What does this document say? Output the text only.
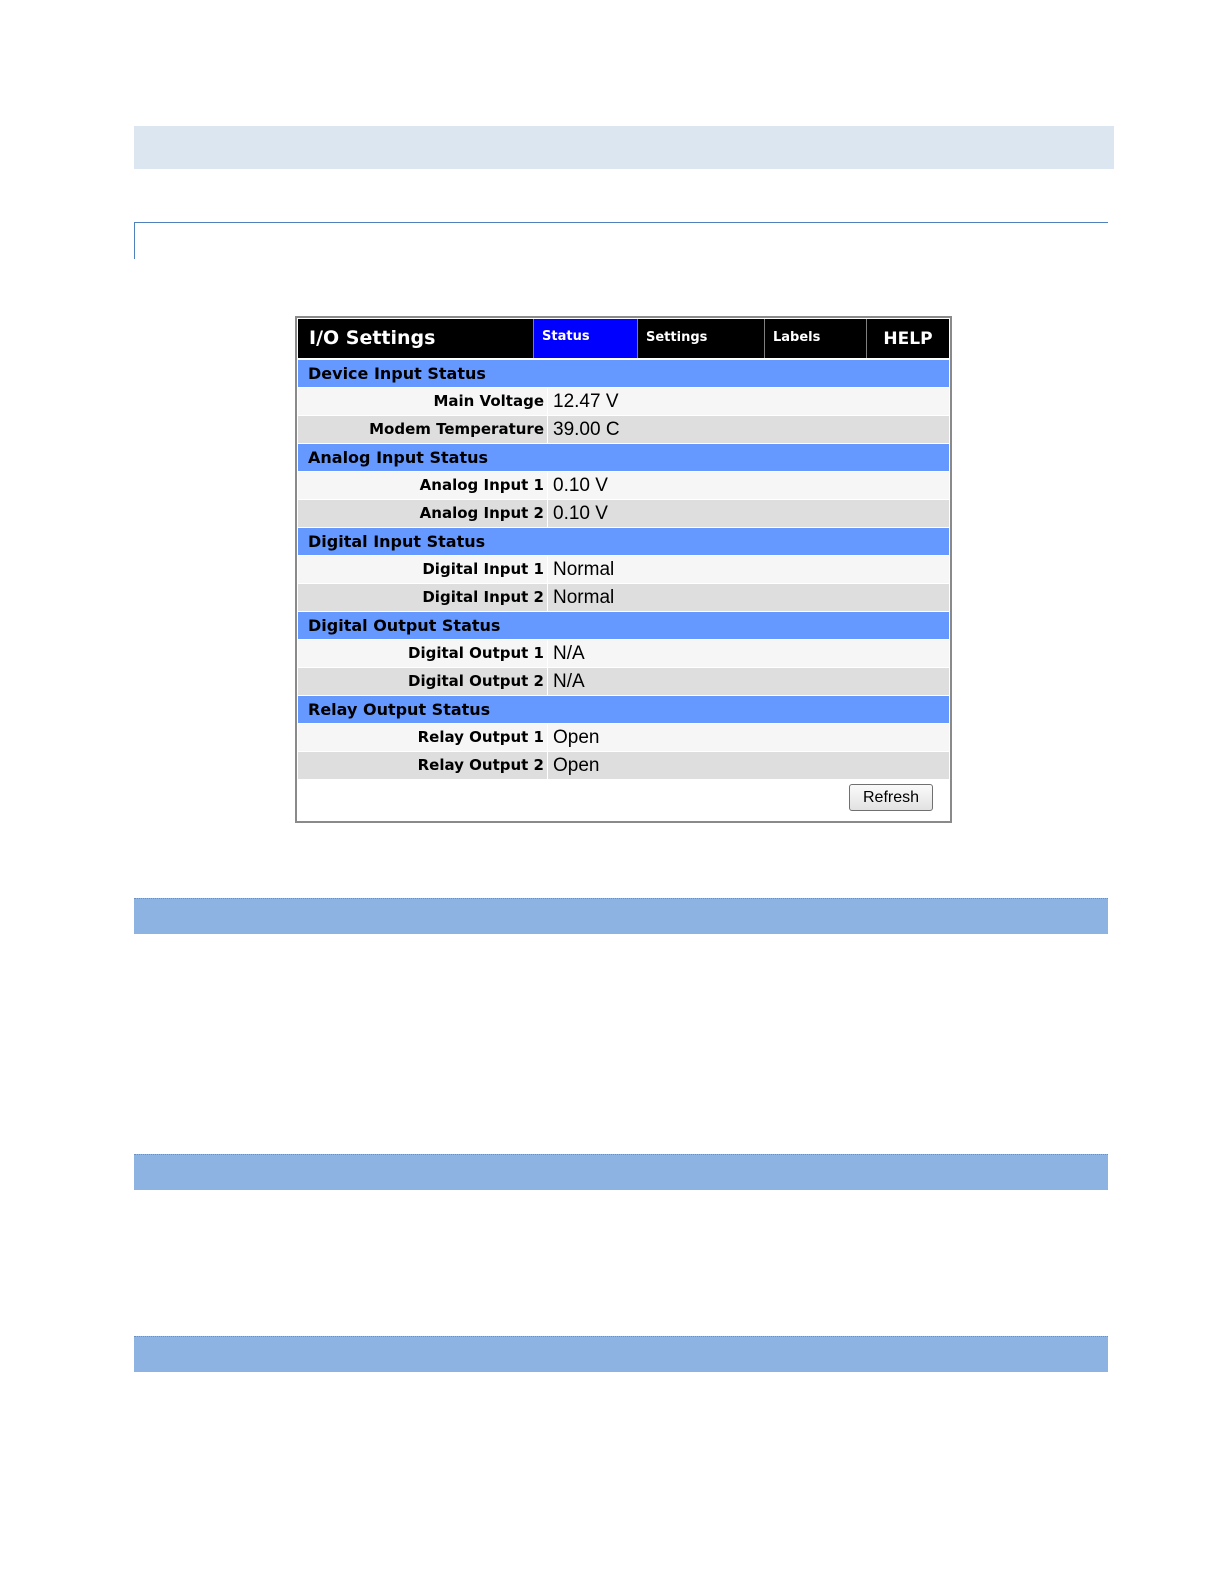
I/O Settings	Status	Settings	Labels	HELP
Device Input Status
Main Voltage 12.47 V
Modem Temperature 39.00 C
Analog Input Status
Analog Input 1 0.10 V
Analog Input 2 0.10 V
Digital Input Status
Digital Input 1 Normal
Digital Input 2 Normal
Digital Output Status
Digital Output 1 N/A
Digital Output 2 N/A
Relay Output Status
Relay Output 1 Open
Relay Output 2 Open
Refresh
